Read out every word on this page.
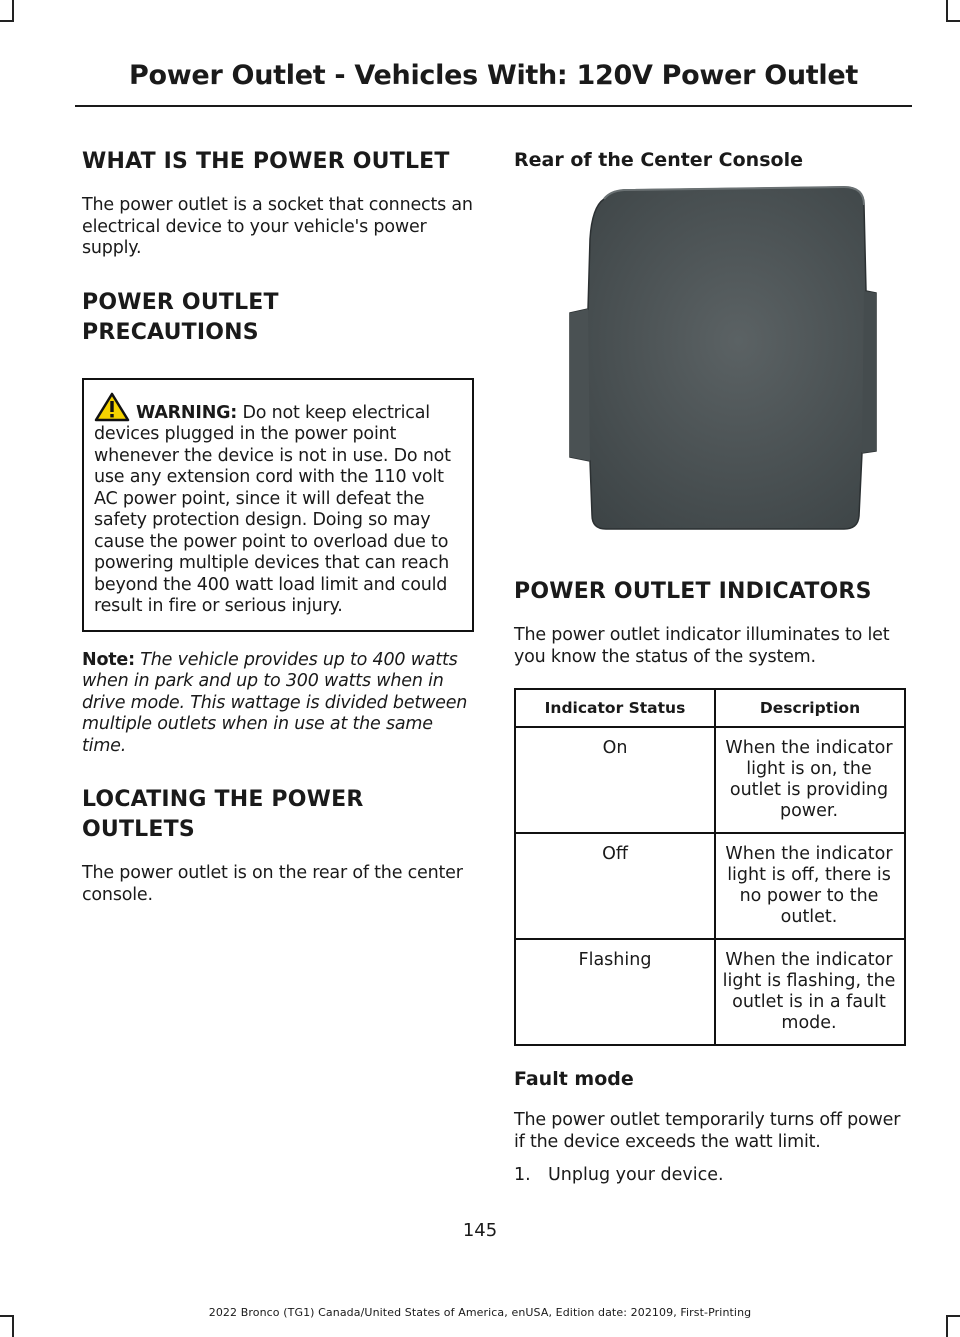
Power Outlet - Vehicles With: 120V Power Outlet
WHAT IS THE POWER OUTLET

The power outlet is a socket that connects an electrical device to your vehicle's power supply.

POWER OUTLET
PRECAUTIONS
WARNING: Do not keep electrical devices plugged in the power point whenever the device is not in use. Do not use any extension cord with the 110 volt AC power point, since it will defeat the safety protection design. Doing so may cause the power point to overload due to powering multiple devices that can reach beyond the 400 watt load limit and could result in fire or serious injury.

Note: The vehicle provides up to 400 watts when in park and up to 300 watts when in drive mode. This wattage is divided between multiple outlets when in use at the same time.

LOCATING THE POWER
OUTLETS

The power outlet is on the rear of the center console.

Rear of the Center Console
POWER OUTLET INDICATORS

The power outlet indicator illuminates to let you know the status of the system.

Indicator Status	Description
On	When the indicator light is on, the outlet is providing power.
Off	When the indicator light is off, there is no power to the outlet.
Flashing	When the indicator light is flashing, the outlet is in a fault mode.
Fault mode

The power outlet temporarily turns off power if the device exceeds the watt limit.

1. Unplug your device.
145
2022 Bronco (TG1) Canada/United States of America, enUSA, Edition date: 202109, First-Printing
